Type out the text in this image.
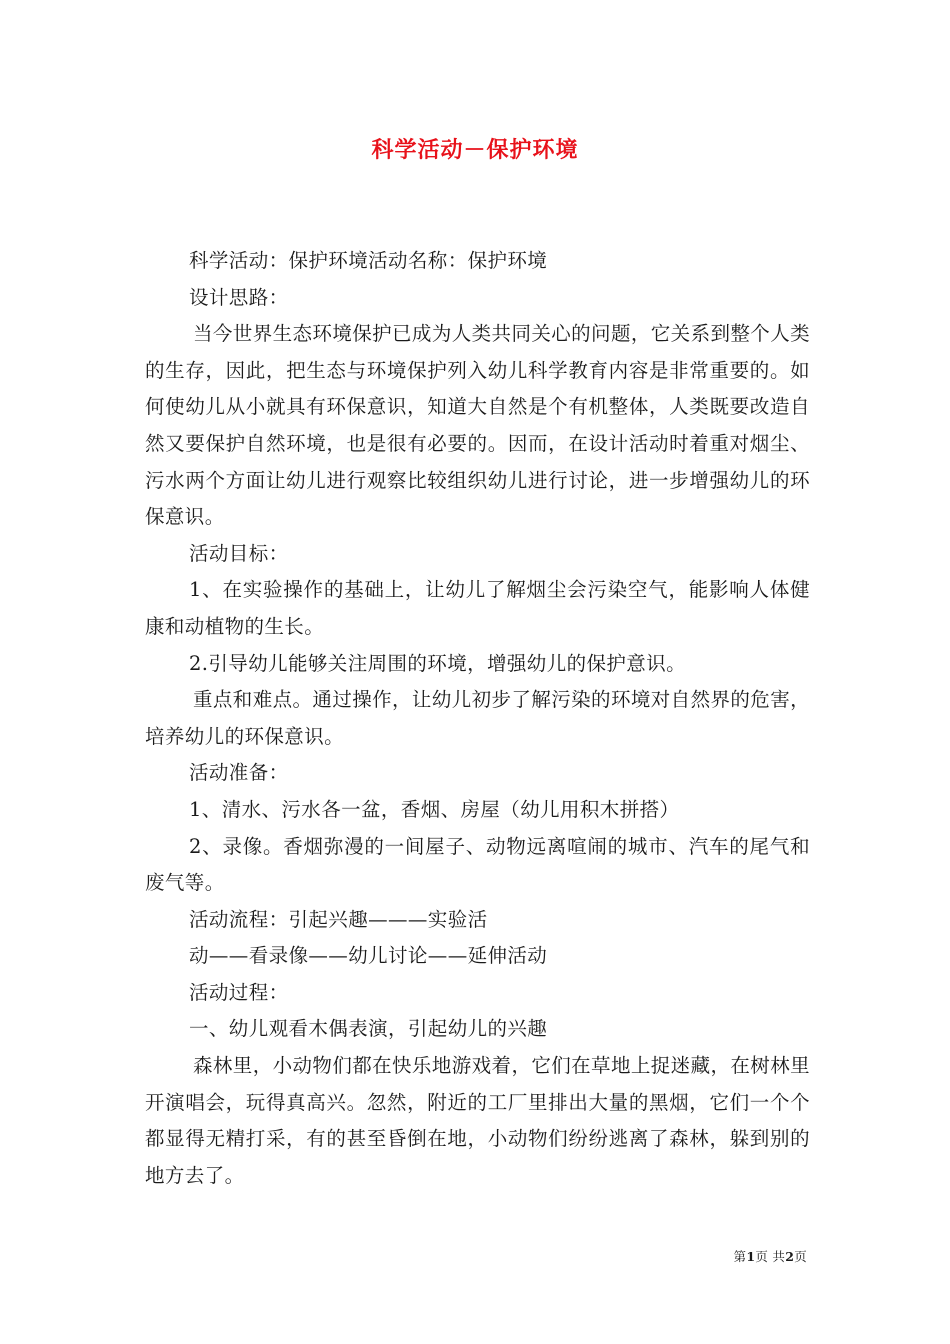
科学活动－保护环境

科学活动：保护环境活动名称：保护环境

设计思路：

当今世界生态环境保护已成为人类共同关心的问题，它关系到整个人类的生存，因此，把生态与环境保护列入幼儿科学教育内容是非常重要的。如何使幼儿从小就具有环保意识，知道大自然是个有机整体，人类既要改造自然又要保护自然环境，也是很有必要的。因而，在设计活动时着重对烟尘、污水两个方面让幼儿进行观察比较组织幼儿进行讨论，进一步增强幼儿的环保意识。

活动目标：

1、在实验操作的基础上，让幼儿了解烟尘会污染空气，能影响人体健康和动植物的生长。

2.引导幼儿能够关注周围的环境，增强幼儿的保护意识。

重点和难点。通过操作，让幼儿初步了解污染的环境对自然界的危害，培养幼儿的环保意识。

活动准备：

1、清水、污水各一盆，香烟、房屋（幼儿用积木拼搭）

2、录像。香烟弥漫的一间屋子、动物远离喧闹的城市、汽车的尾气和废气等。

活动流程：引起兴趣———实验活

动——看录像——幼儿讨论——延伸活动

活动过程：

一、幼儿观看木偶表演，引起幼儿的兴趣

森林里，小动物们都在快乐地游戏着，它们在草地上捉迷藏，在树林里开演唱会，玩得真高兴。忽然，附近的工厂里排出大量的黑烟，它们一个个都显得无精打采，有的甚至昏倒在地，小动物们纷纷逃离了森林，躲到别的地方去了。

第1页 共2页
